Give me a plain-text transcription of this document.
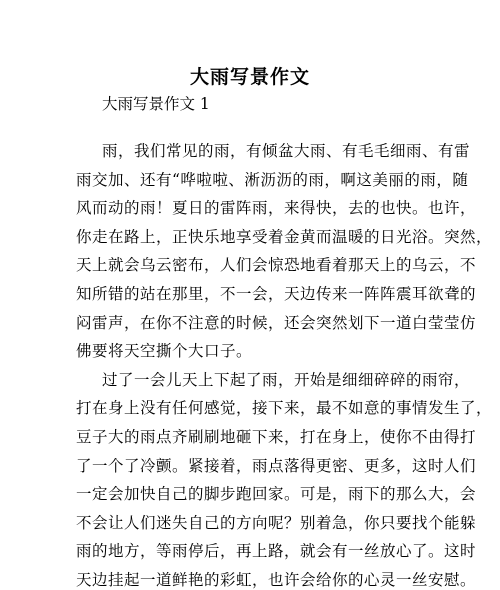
大雨写景作文
大雨写景作文 1
雨，我们常见的雨，有倾盆大雨、有毛毛细雨、有雷
雨交加、还有“哗啦啦、淅沥沥的雨，啊这美丽的雨，随
风而动的雨！夏日的雷阵雨，来得快，去的也快。也许，
你走在路上，正快乐地享受着金黄而温暖的日光浴。突然，
天上就会乌云密布，人们会惊恐地看着那天上的乌云，不
知所错的站在那里，不一会，天边传来一阵阵震耳欲聋的
闷雷声，在你不注意的时候，还会突然划下一道白莹莹仿
佛要将天空撕个大口子。
过了一会儿天上下起了雨，开始是细细碎碎的雨帘，
打在身上没有任何感觉，接下来，最不如意的事情发生了，
豆子大的雨点齐刷刷地砸下来，打在身上，使你不由得打
了一个了冷颤。紧接着，雨点落得更密、更多，这时人们
一定会加快自己的脚步跑回家。可是，雨下的那么大，会
不会让人们迷失自己的方向呢？别着急，你只要找个能躲
雨的地方，等雨停后，再上路，就会有一丝放心了。这时
天边挂起一道鲜艳的彩虹，也许会给你的心灵一丝安慰。
